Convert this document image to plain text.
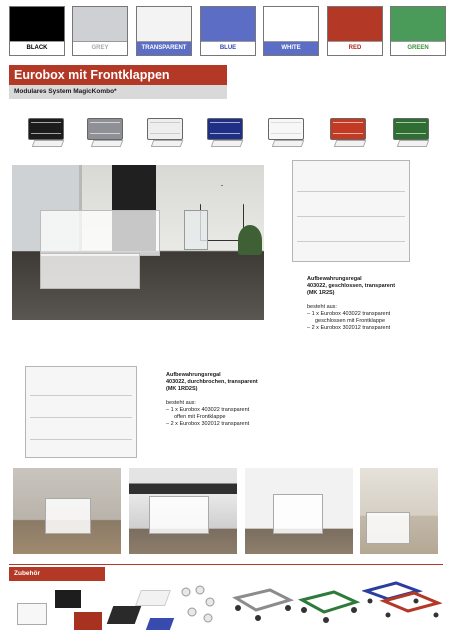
BLACK	GREY	TRANSPARENT	BLUE	WHITE	RED	GREEN
Eurobox mit Frontklappen
Modulares System MagicKombo*
Aufbewahrungsregal
403022, geschlossen, transparent
(MK 1R2S)
besteht aus:
– 1 x Eurobox 403022 transparent
geschlossen mit Frontklappe
– 2 x Eurobox 302012 transparent
Aufbewahrungsregal
403022, durchbrochen, transparent
(MK 1RD2S)
besteht aus:
– 1 x Eurobox 403022 transparent
offen mit Frontklappe
– 2 x Eurobox 302012 transparent
Zubehör
